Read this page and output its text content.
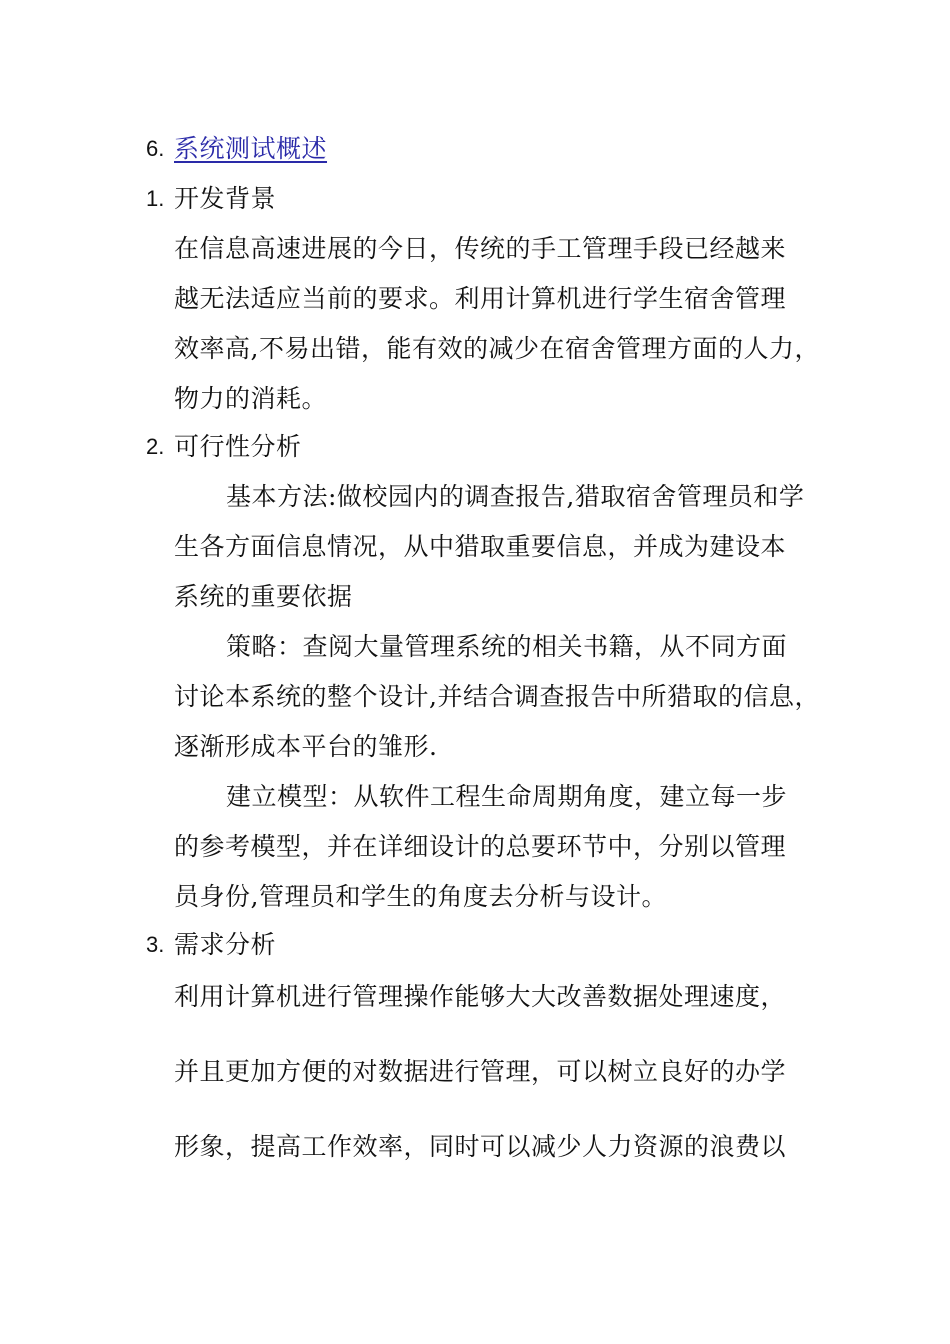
6. 系统测试概述
1. 开发背景
在信息高速进展的今日，传统的手工管理手段已经越来
越无法适应当前的要求。利用计算机进行学生宿舍管理
效率高,不易出错，能有效的减少在宿舍管理方面的人力，
物力的消耗。
2. 可行性分析
基本方法:做校园内的调查报告,猎取宿舍管理员和学
生各方面信息情况，从中猎取重要信息，并成为建设本
系统的重要依据
策略：查阅大量管理系统的相关书籍，从不同方面
讨论本系统的整个设计,并结合调查报告中所猎取的信息，
逐渐形成本平台的雏形.
建立模型：从软件工程生命周期角度，建立每一步
的参考模型，并在详细设计的总要环节中，分别以管理
员身份,管理员和学生的角度去分析与设计。
3. 需求分析
利用计算机进行管理操作能够大大改善数据处理速度，
并且更加方便的对数据进行管理，可以树立良好的办学
形象，提高工作效率，同时可以减少人力资源的浪费以
